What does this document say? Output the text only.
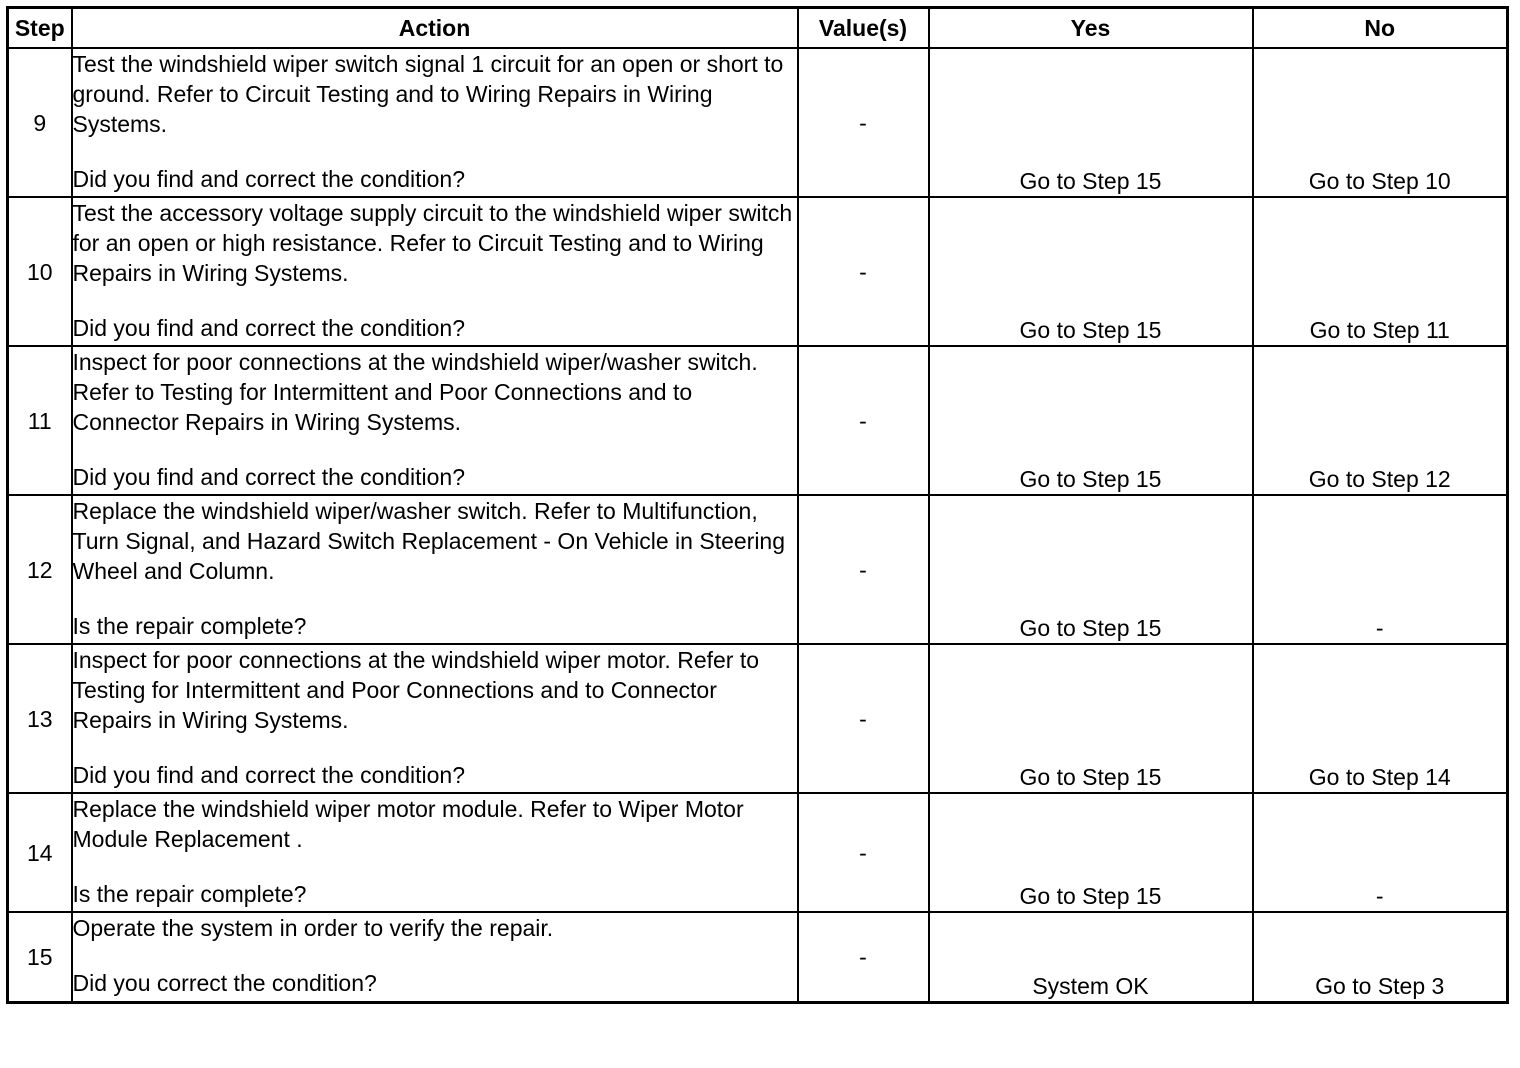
Step	Action	Value(s)	Yes	No
9	Test the windshield wiper switch signal 1 circuit for an open or short to ground. Refer to Circuit Testing and to Wiring Repairs in Wiring Systems.
Did you find and correct the condition?	-	Go to Step 15	Go to Step 10
10	Test the accessory voltage supply circuit to the windshield wiper switch for an open or high resistance. Refer to Circuit Testing and to Wiring Repairs in Wiring Systems.
Did you find and correct the condition?	-	Go to Step 15	Go to Step 11
11	Inspect for poor connections at the windshield wiper/washer switch. Refer to Testing for Intermittent and Poor Connections and to Connector Repairs in Wiring Systems.
Did you find and correct the condition?	-	Go to Step 15	Go to Step 12
12	Replace the windshield wiper/washer switch. Refer to Multifunction, Turn Signal, and Hazard Switch Replacement - On Vehicle in Steering Wheel and Column.
Is the repair complete?	-	Go to Step 15	-
13	Inspect for poor connections at the windshield wiper motor. Refer to Testing for Intermittent and Poor Connections and to Connector Repairs in Wiring Systems.
Did you find and correct the condition?	-	Go to Step 15	Go to Step 14
14	Replace the windshield wiper motor module. Refer to Wiper Motor Module Replacement .
Is the repair complete?	-	Go to Step 15	-
15	Operate the system in order to verify the repair.
Did you correct the condition?	-	System OK	Go to Step 3
